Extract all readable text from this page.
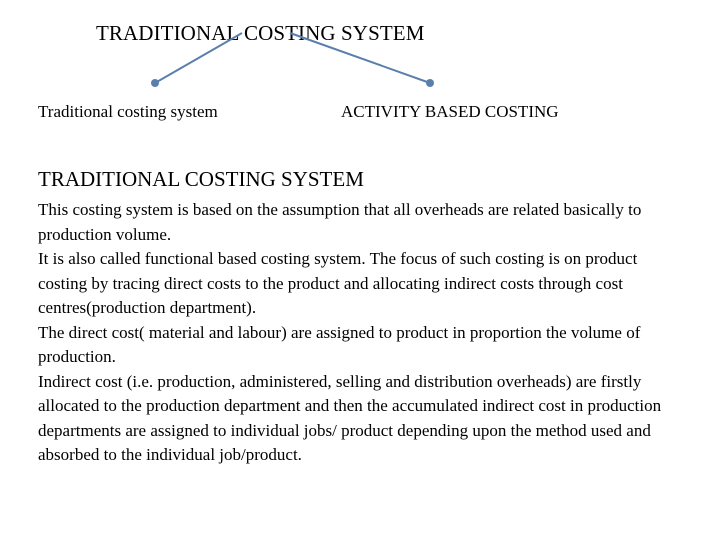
TRADITIONAL COSTING SYSTEM
Traditional costing system	ACTIVITY BASED COSTING
TRADITIONAL COSTING SYSTEM

This costing system is based on the assumption that all overheads are related basically to production volume.

It is also called functional based costing system. The focus of such costing is on product costing by tracing direct costs to the product and allocating indirect costs through cost centres(production department).

The direct cost( material and labour) are assigned to product in proportion the volume of production.

Indirect cost (i.e. production, administered, selling and distribution overheads) are firstly allocated to the production department and then the accumulated indirect cost in production departments are assigned to individual jobs/ product depending upon the method used and absorbed to the individual job/product.
